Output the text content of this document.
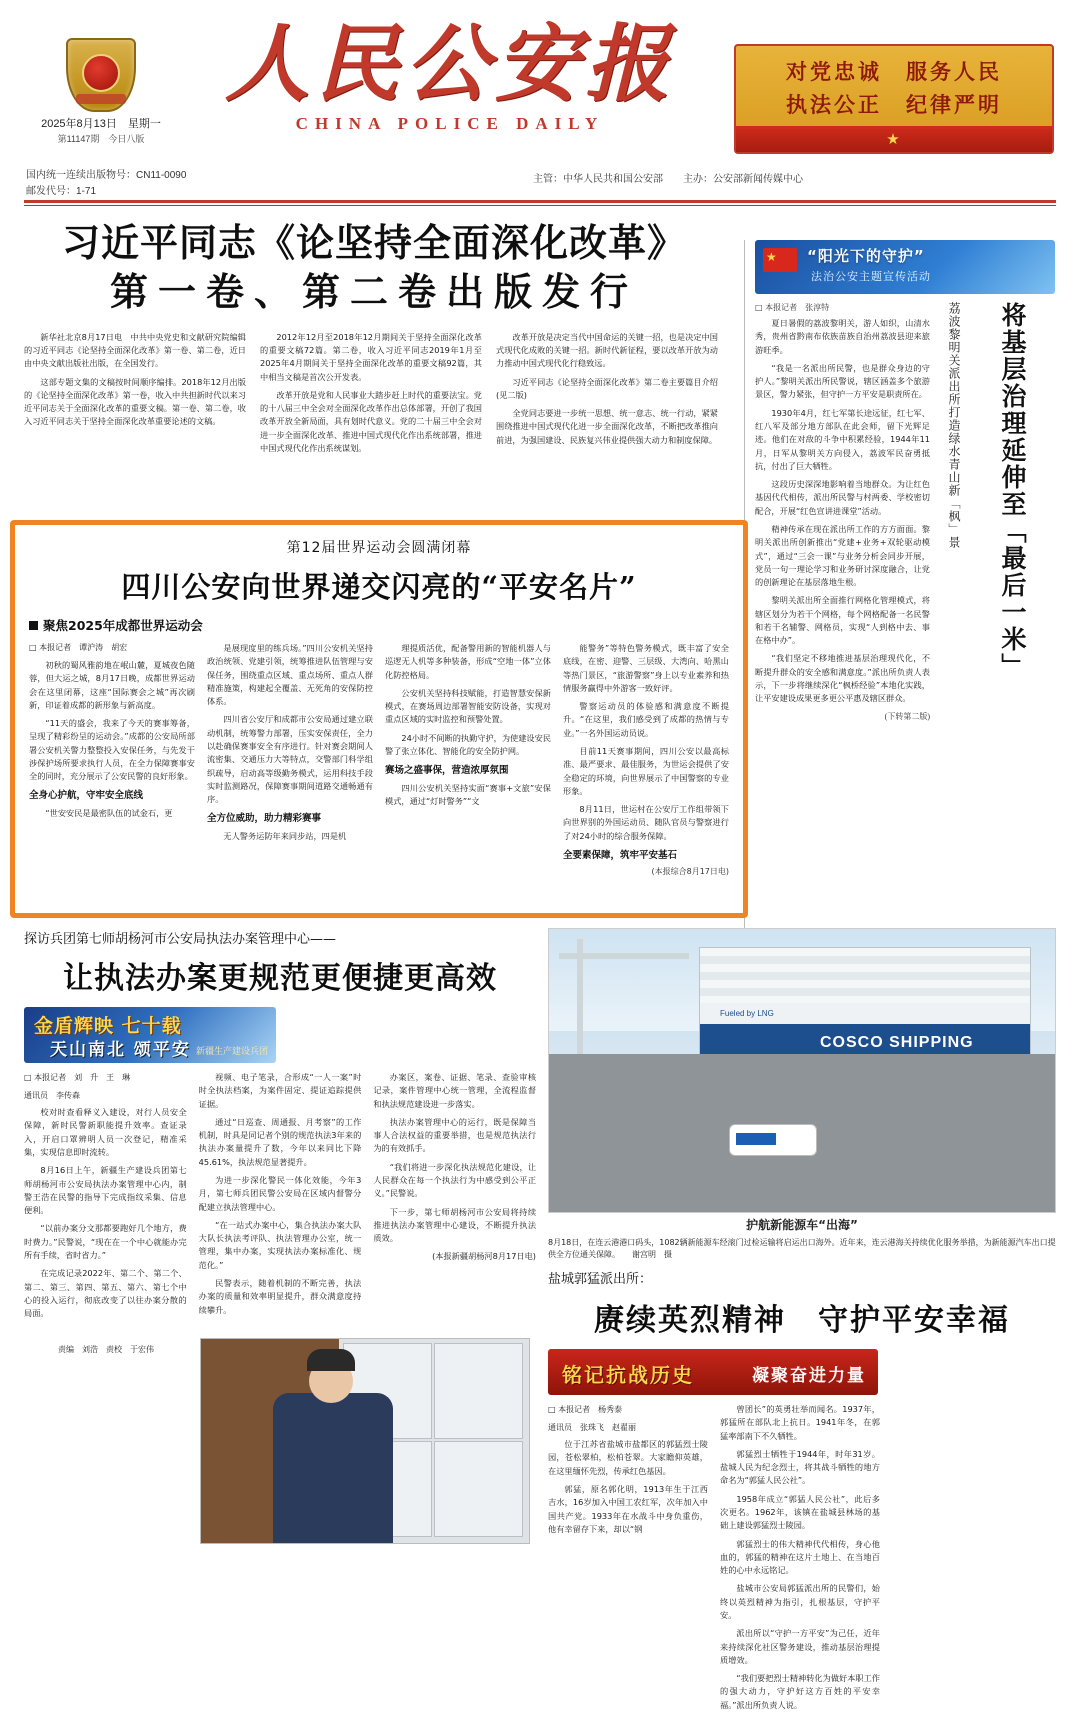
2025年8月13日　星期一
第11147期　今日八版
人民公安报
CHINA POLICE DAILY
对党忠诚　服务人民
执法公正　纪律严明
★
国内统一连续出版物号：CN11-0090
邮发代号：1-71
主管：中华人民共和国公安部　　主办：公安部新闻传媒中心
习近平同志《论坚持全面深化改革》
第一卷、第二卷出版发行

新华社北京8月17日电　中共中央党史和文献研究院编辑的习近平同志《论坚持全面深化改革》第一卷、第二卷，近日由中央文献出版社出版，在全国发行。

这部专题文集的文稿按时间顺序编排。2018年12月出版的《论坚持全面深化改革》第一卷，收入中共担新时代以来习近平同志关于全面深化改革的重要文稿。第一卷、第二卷，收入习近平同志关于坚持全面深化改革重要论述的文稿。

2012年12月至2018年12月期间关于坚持全面深化改革的重要文稿72篇。第二卷，收入习近平同志2019年1月至2025年4月期间关于坚持全面深化改革的重要文稿92篇，其中相当文稿是首次公开发表。

改革开放是党和人民事业大踏步赶上时代的重要法宝。党的十八届三中全会对全面深化改革作出总体部署，开创了我国改革开放全新局面，具有划时代意义。党的二十届三中全会对进一步全面深化改革、推进中国式现代化作出系统部署，推进中国式现代化作出系统谋划。

改革开放是决定当代中国命运的关键一招，也是决定中国式现代化成败的关键一招。新时代新征程，要以改革开放为动力推动中国式现代化行稳致远。

习近平同志《论坚持全面深化改革》第二卷主要篇目介绍(见二版)

全党同志要进一步统一思想、统一意志、统一行动，紧紧围绕推进中国式现代化进一步全面深化改革，不断把改革推向前进，为强国建设、民族复兴伟业提供强大动力和制度保障。

★
“阳光下的守护”
法治公安主题宣传活动
□ 本报记者　张淳特

夏日暑假的荔波黎明关，游人如织，山清水秀，贵州省黔南布依族苗族自治州荔波县迎来旅游旺季。

“我是一名派出所民警，也是群众身边的守护人。”黎明关派出所民警说，辖区涵盖多个旅游景区，警力紧张，但守护一方平安是职责所在。

1930年4月，红七军第长途远征，红七军、红八军及部分地方部队在此会师，留下光辉足迹。他们在对敌的斗争中积累经验，1944年11月，日军从黎明关方向侵入，荔波军民奋勇抵抗，付出了巨大牺牲。

这段历史深深地影响着当地群众。为让红色基因代代相传，派出所民警与村两委、学校密切配合，开展“红色宣讲进课堂”活动。

精神传承在现在派出所工作的方方面面。黎明关派出所创新推出“党建+业务+双轮驱动模式”，通过“三会一课”与业务分析会同步开展，党员一句一理论学习和业务研讨深度融合，让党的创新理论在基层落地生根。

黎明关派出所全面推行网格化管理模式，将辖区划分为若干个网格，每个网格配备一名民警和若干名辅警、网格员，实现“人到格中去、事在格中办”。

“我们坚定不移地推进基层治理现代化，不断提升群众的安全感和满意度。”派出所负责人表示，下一步将继续深化“枫桥经验”本地化实践，让平安建设成果更多更公平惠及辖区群众。

(下转第二版)
荔波黎明关派出所打造绿水青山新「枫」景	将基层治理延伸至「最后一米」
第12届世界运动会圆满闭幕
四川公安向世界递交闪亮的“平安名片”
聚焦2025年成都世界运动会
□ 本报记者　谭沪涛　胡宏

初秋的蜀风雅韵地在岷山麓，夏城夜色随蓉，但大运之城，8月17日晚，成都世界运动会在这里闭幕，这座“国际赛会之城”再次刷新，印证着成都的新形象与新高度。

“11天的盛会，我来了今天的赛事筹备，呈现了精彩纷呈的运动会。”成都的公安局所部署公安机关警力整整投入安保任务，与先发干涉保护场所要求执行人员，在全力保障赛事安全的同时，充分展示了公安民警的良好形象。

全身心护航，守牢安全底线

“世安安民是最密队伍的试金石，更

是展现度里的练兵场。”四川公安机关坚持政治统领、党建引领，统筹推进队伍管理与安保任务，围绕重点区域、重点场所、重点人群精准施策，构建起全覆盖、无死角的安保防控体系。

四川省公安厅和成都市公安局通过建立联动机制，统筹警力部署，压实安保责任，全力以赴确保赛事安全有序进行。针对赛会期间人流密集、交通压力大等特点，交警部门科学组织疏导，启动高等级勤务模式，运用科技手段实时监测路况，保障赛事期间道路交通畅通有序。

全方位威助，助力精彩赛事

无人警务运防年来同步站，四是机

理提质活优，配备警用新的智能机器人与巡逻无人机等多种装备，形成“空地一体”立体化防控格局。

公安机关坚持科技赋能，打造智慧安保新模式，在赛场周边部署智能安防设备，实现对重点区域的实时监控和预警处置。

24小时不间断的执勤守护，为使建设安民警了张立体化、智能化的安全防护网。

赛场之盛事保，营造浓厚氛围

四川公安机关坚持实面“赛事+文旅”安保模式，通过“灯时警务”“文

能警务”等特色警务模式，既丰富了安全底线，在密、迎警、三层级、大湾向、哈黑山等热门景区，“旅游警察”身上以专业素养和热情服务赢得中外游客一致好评。

警察运动员的体验感和满意度不断提升。“在这里，我们感受到了成都的热情与专业。”一名外国运动员说。

目前11天赛事期间，四川公安以最高标准、最严要求、最佳服务，为世运会提供了安全稳定的环境，向世界展示了中国警察的专业形象。

8月11日，世运村在公安厅工作组带领下向世界别的外国运动员、随队官员与警察进行了对24小时的综合服务保障。

全要素保障，筑牢平安基石
(本报综合8月17日电)
探访兵团第七师胡杨河市公安局执法办案管理中心——
让执法办案更规范更便捷更高效
金盾辉映 七十载
天山南北 颂平安 新疆生产建设兵团
□ 本报记者　刘　升　王　琳
通讯员　李传森

校对时查看释义入建设，对行人员安全保障，新时民警新职能提升效率。查证录入，开启口罩辨明人员一次登记，精准采集，实现信息即时流转。

8月16日上午，新疆生产建设兵团第七师胡杨河市公安局执法办案管理中心内，制警王浩在民警的指导下完成指纹采集、信息便利。

“以前办案分文那都要跑好几个地方，费时费力。”民警说，“现在在一个中心就能办完所有手续，省时省力。”

在完成记录2022年、第二个、第二个、第二、第三、第四、第五、第六、第七个中心的投入运行，彻底改变了以往办案分散的局面。

视频、电子笔录，合形成“一人一案”时时全执法档案，为案件固定、提证追踪提供证据。

通过“日巡查、周通报、月考察”的工作机制，时具是同记者个别的规范执法3年来的执法办案量提升了数，今年以来同比下降45.61%，执法规范显著提升。

为进一步深化警民一体化效能，今年3月，第七师兵团民警公安局在区域内督警分配建立执法管理中心。

“在一站式办案中心，集合执法办案大队大队长执法考评队、执法管理办公室，统一管理，集中办案，实现执法办案标准化、规范化。”

民警表示，随着机制的不断完善，执法办案的质量和效率明显提升，群众满意度持续攀升。

办案区，案卷、证据、笔录、查验审核记录，案件管理中心统一管理，全流程监督和执法规范建设进一步落实。

执法办案管理中心的运行，既是保障当事人合法权益的重要举措，也是规范执法行为的有效抓手。

“我们将进一步深化执法规范化建设，让人民群众在每一个执法行为中感受到公平正义。”民警说。

下一步，第七师胡杨河市公安局将持续推进执法办案管理中心建设，不断提升执法质效。

(本报新疆胡杨河8月17日电)

责编　刘浩　责校　于宏伟
Fueled by LNG
COSCO SHIPPING
护航新能源车“出海”
8月18日，在连云港港口码头，1082辆新能源车经滚门过检运输将启运出口海外。近年来，连云港海关持续优化服务举措，为新能源汽车出口提供全方位通关保障。　　谢宫明　摄
盐城郭猛派出所：
赓续英烈精神　守护平安幸福
铭记抗战历史	凝聚奋进力量
□ 本报记者　杨秀泰
通讯员　张珠飞　赵翟丽

位于江苏省盐城市盐都区的郭猛烈士陵园，苍松翠柏，松柏苍翠。大家瞻仰英雄，在这里缅怀先烈，传承红色基因。

郭猛，原名郭化明，1913年生于江西吉水，16岁加入中国工农红军，次年加入中国共产党。1933年在水战斗中身负重伤，他有幸留存下来，却以“钢

曾团长”的英勇壮举而闻名。1937年，郭猛所在部队北上抗日。1941年冬，在郭猛率部南下不久牺牲。

郭猛烈士牺牲于1944年，时年31岁。盐城人民为纪念烈士，将其战斗牺牲的地方命名为“郭猛人民公社”。

1958年成立“郭猛人民公社”，此后多次更名。1962年，该镇在盐城县林场的基础上建设郭猛烈士陵园。

郭猛烈士的伟大精神代代相传，身心他血的，郭猛的精神在这片土地上、在当地百姓的心中永远铭记。

盐城市公安局郭猛派出所的民警们，始终以英烈精神为指引，扎根基层，守护平安。

派出所以“守护一方平安”为己任，近年来持续深化社区警务建设，推动基层治理提质增效。

“我们要把烈士精神转化为做好本职工作的强大动力，守护好这方百姓的平安幸福。”派出所负责人说。
